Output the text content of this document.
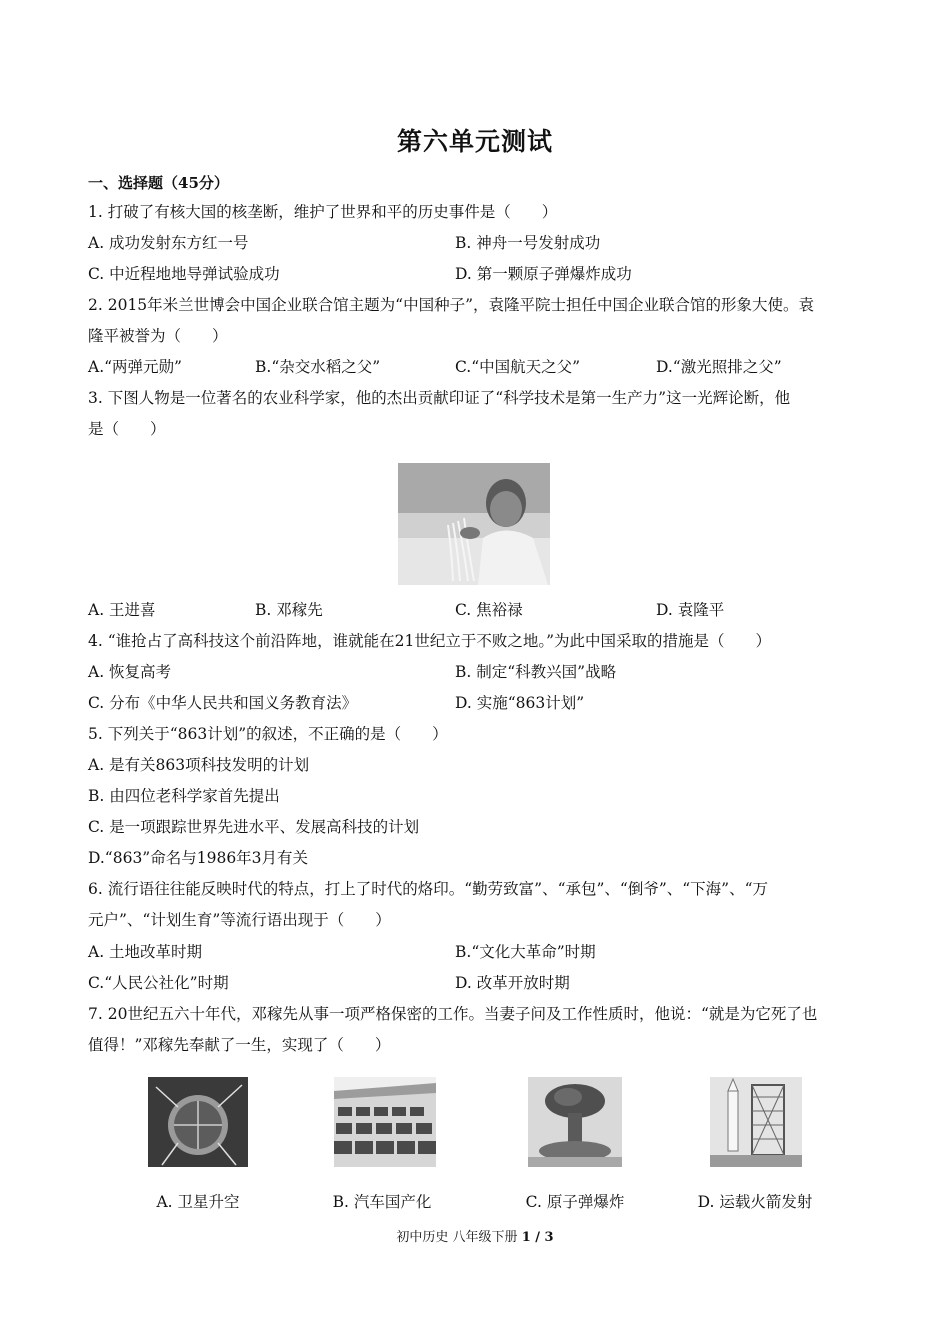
第六单元测试
一、选择题（45分）
1. 打破了有核大国的核垄断，维护了世界和平的历史事件是（　　）
A. 成功发射东方红一号	B. 神舟一号发射成功
C. 中近程地地导弹试验成功	D. 第一颗原子弹爆炸成功
2. 2015年米兰世博会中国企业联合馆主题为“中国种子”，袁隆平院士担任中国企业联合馆的形象大使。袁
隆平被誉为（　　）
A.“两弹元勋”	B.“杂交水稻之父”	C.“中国航天之父”	D.“激光照排之父”
3. 下图人物是一位著名的农业科学家，他的杰出贡献印证了“科学技术是第一生产力”这一光辉论断，他
是（　　）
A. 王进喜	B. 邓稼先	C. 焦裕禄	D. 袁隆平
4. “谁抢占了高科技这个前沿阵地，谁就能在21世纪立于不败之地。”为此中国采取的措施是（　　）
A. 恢复高考	B. 制定“科教兴国”战略
C. 分布《中华人民共和国义务教育法》	D. 实施“863计划”
5. 下列关于“863计划”的叙述，不正确的是（　　）
A. 是有关863项科技发明的计划
B. 由四位老科学家首先提出
C. 是一项跟踪世界先进水平、发展高科技的计划
D.“863”命名与1986年3月有关
6. 流行语往往能反映时代的特点，打上了时代的烙印。“勤劳致富”、“承包”、“倒爷”、“下海”、“万
元户”、“计划生育”等流行语出现于（　　）
A. 土地改革时期	B.“文化大革命”时期
C.“人民公社化”时期	D. 改革开放时期
7. 20世纪五六十年代，邓稼先从事一项严格保密的工作。当妻子问及工作性质时，他说：“就是为它死了也
值得！”邓稼先奉献了一生，实现了（　　）
A. 卫星升空	B. 汽车国产化	C. 原子弹爆炸	D. 运载火箭发射
初中历史 八年级下册 1 / 3
